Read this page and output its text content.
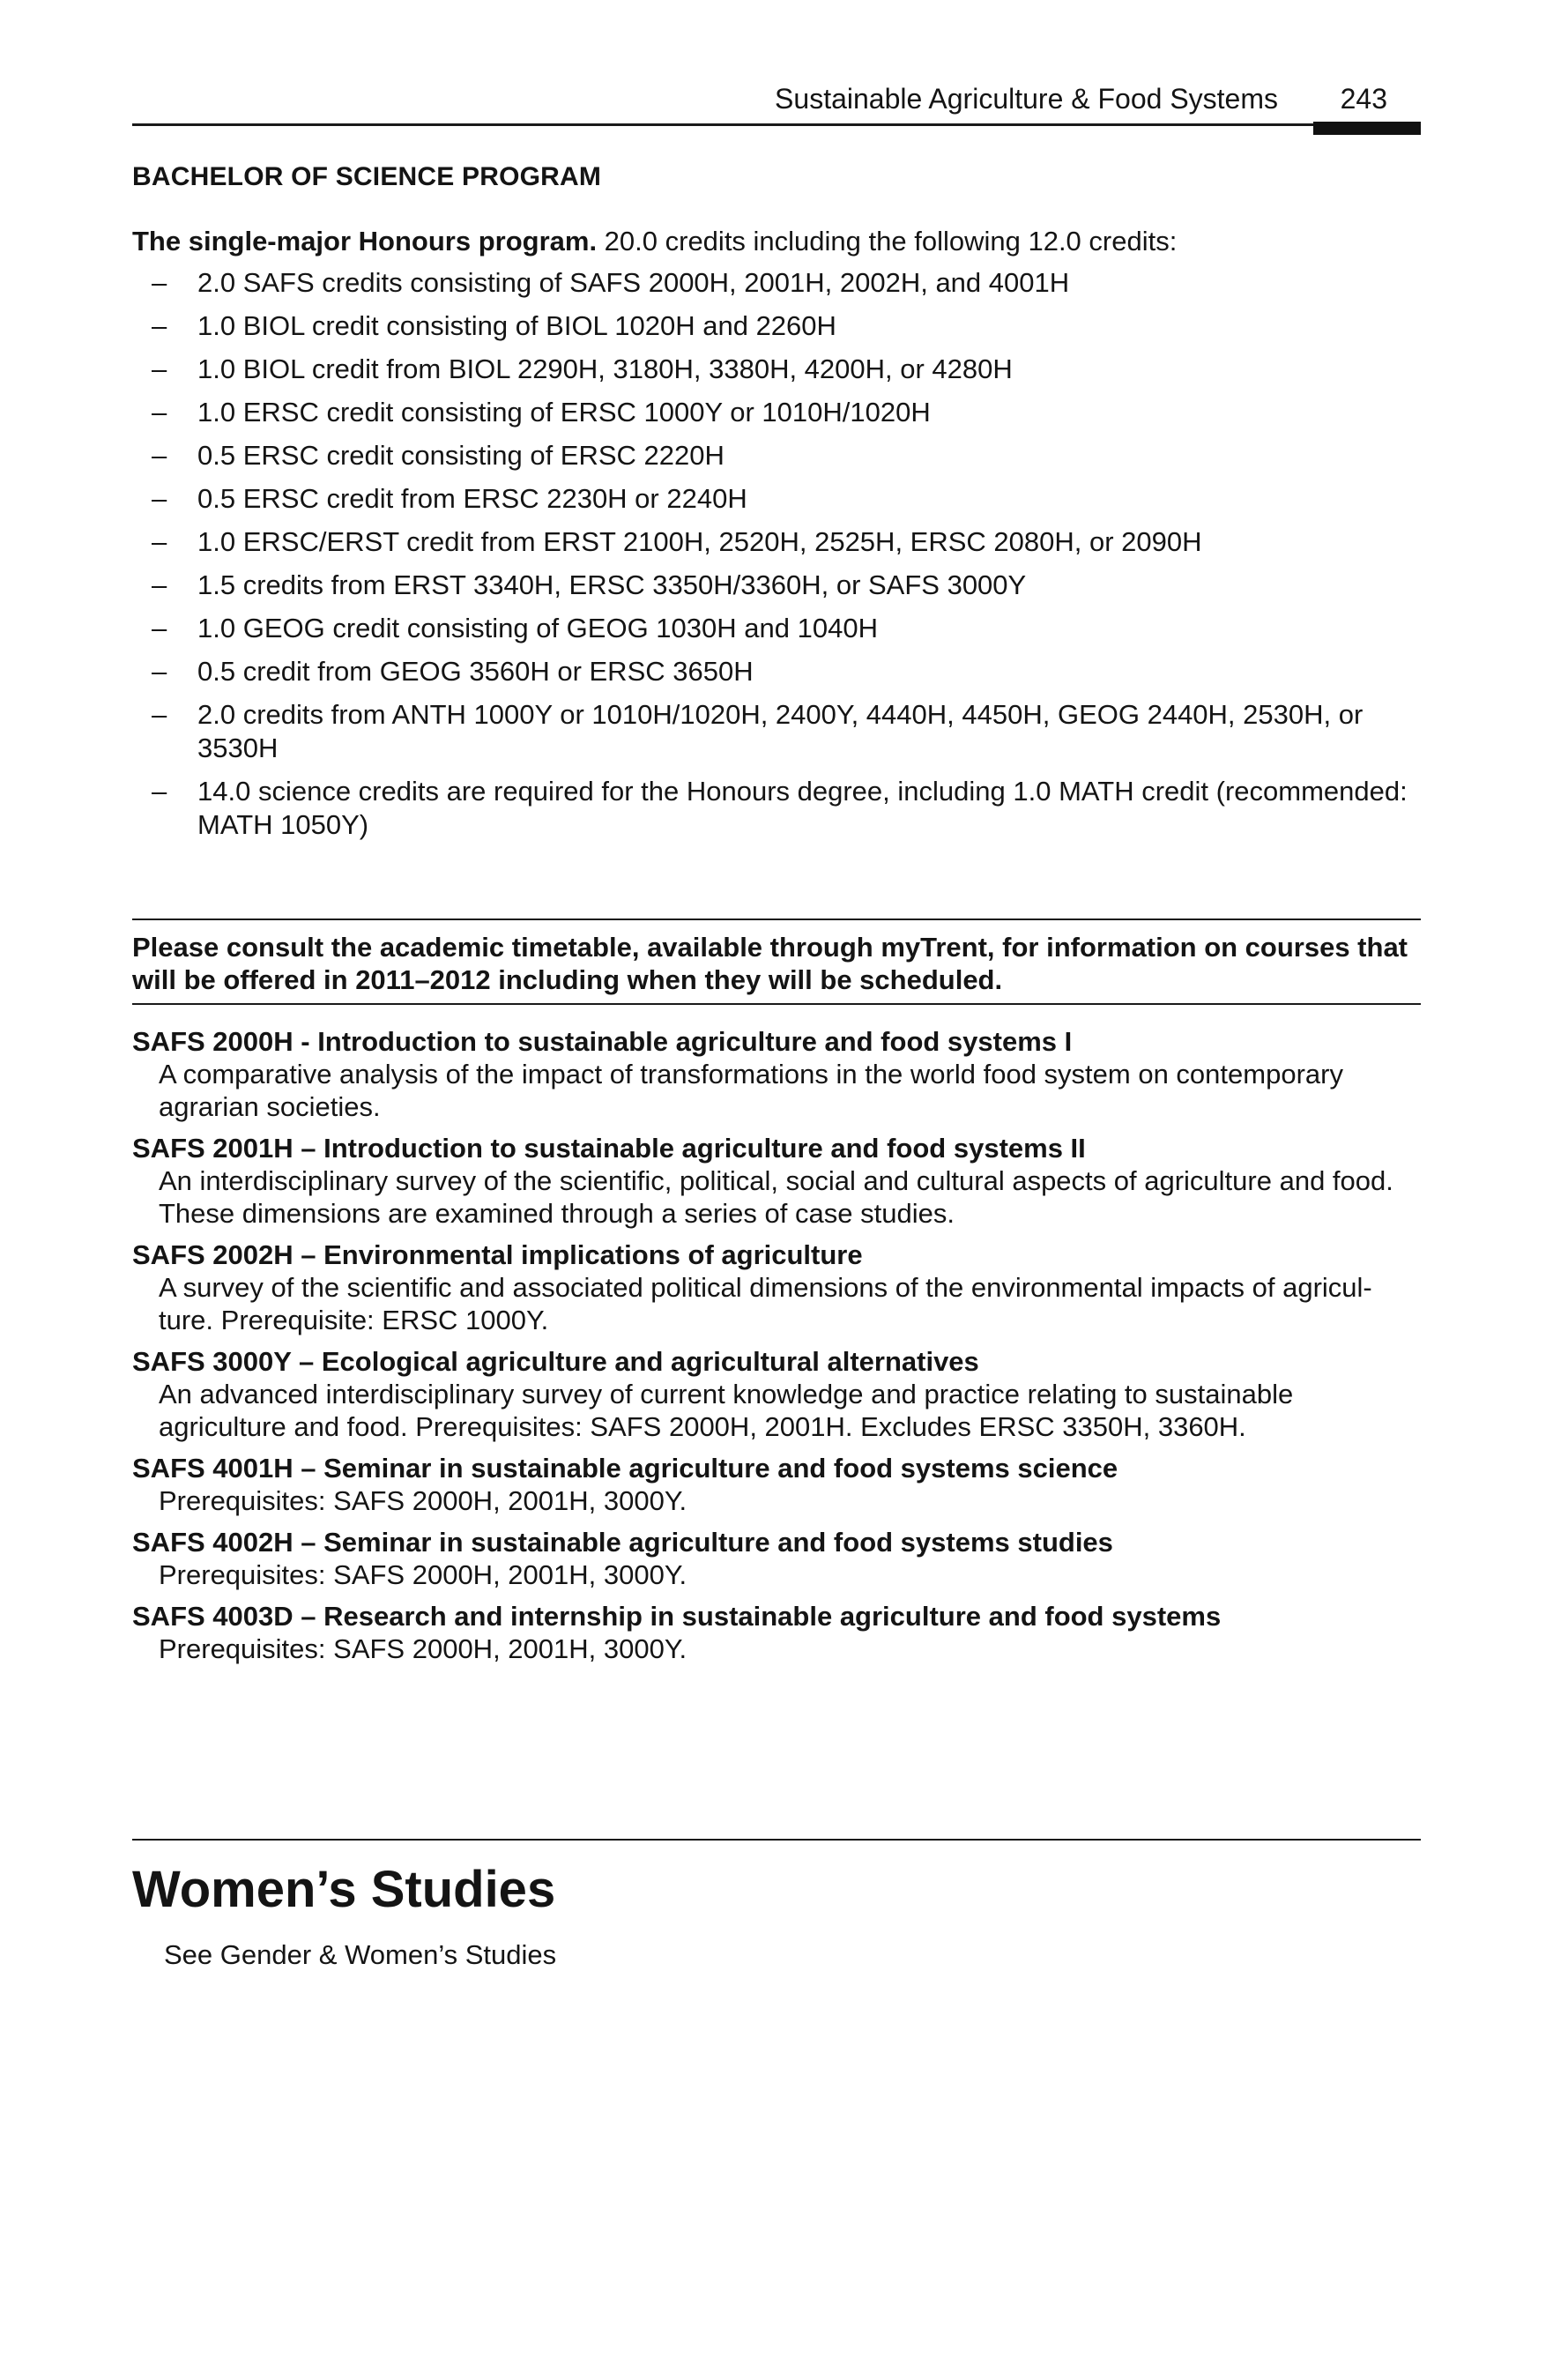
Sustainable Agriculture & Food Systems 243
BACHELOR OF SCIENCE PROGRAM
The single-major Honours program. 20.0 credits including the following 12.0 credits:
– 2.0 SAFS credits consisting of SAFS 2000H, 2001H, 2002H, and 4001H
– 1.0 BIOL credit consisting of BIOL 1020H and 2260H
– 1.0 BIOL credit from BIOL 2290H, 3180H, 3380H, 4200H, or 4280H
– 1.0 ERSC credit consisting of ERSC 1000Y or 1010H/1020H
– 0.5 ERSC credit consisting of ERSC 2220H
– 0.5 ERSC credit from ERSC 2230H or 2240H
– 1.0 ERSC/ERST credit from ERST 2100H, 2520H, 2525H, ERSC 2080H, or 2090H
– 1.5 credits from ERST 3340H, ERSC 3350H/3360H, or SAFS 3000Y
– 1.0 GEOG credit consisting of GEOG 1030H and 1040H
– 0.5 credit from GEOG 3560H or ERSC 3650H
– 2.0 credits from ANTH 1000Y or 1010H/1020H, 2400Y, 4440H, 4450H, GEOG 2440H, 2530H, or 3530H
– 14.0 science credits are required for the Honours degree, including 1.0 MATH credit (recommended: MATH 1050Y)
Please consult the academic timetable, available through myTrent, for information on courses that will be offered in 2011–2012 including when they will be scheduled.
SAFS 2000H - Introduction to sustainable agriculture and food systems I
A comparative analysis of the impact of transformations in the world food system on contemporary agrarian societies.
SAFS 2001H – Introduction to sustainable agriculture and food systems II
An interdisciplinary survey of the scientific, political, social and cultural aspects of agriculture and food. These dimensions are examined through a series of case studies.
SAFS 2002H – Environmental implications of agriculture
A survey of the scientific and associated political dimensions of the environmental impacts of agricul-ture. Prerequisite: ERSC 1000Y.
SAFS 3000Y – Ecological agriculture and agricultural alternatives
An advanced interdisciplinary survey of current knowledge and practice relating to sustainable agriculture and food. Prerequisites: SAFS 2000H, 2001H. Excludes ERSC 3350H, 3360H.
SAFS 4001H – Seminar in sustainable agriculture and food systems science
Prerequisites: SAFS 2000H, 2001H, 3000Y.
SAFS 4002H – Seminar in sustainable agriculture and food systems studies
Prerequisites: SAFS 2000H, 2001H, 3000Y.
SAFS 4003D – Research and internship in sustainable agriculture and food systems
Prerequisites: SAFS 2000H, 2001H, 3000Y.
Women’s Studies
See Gender & Women’s Studies
